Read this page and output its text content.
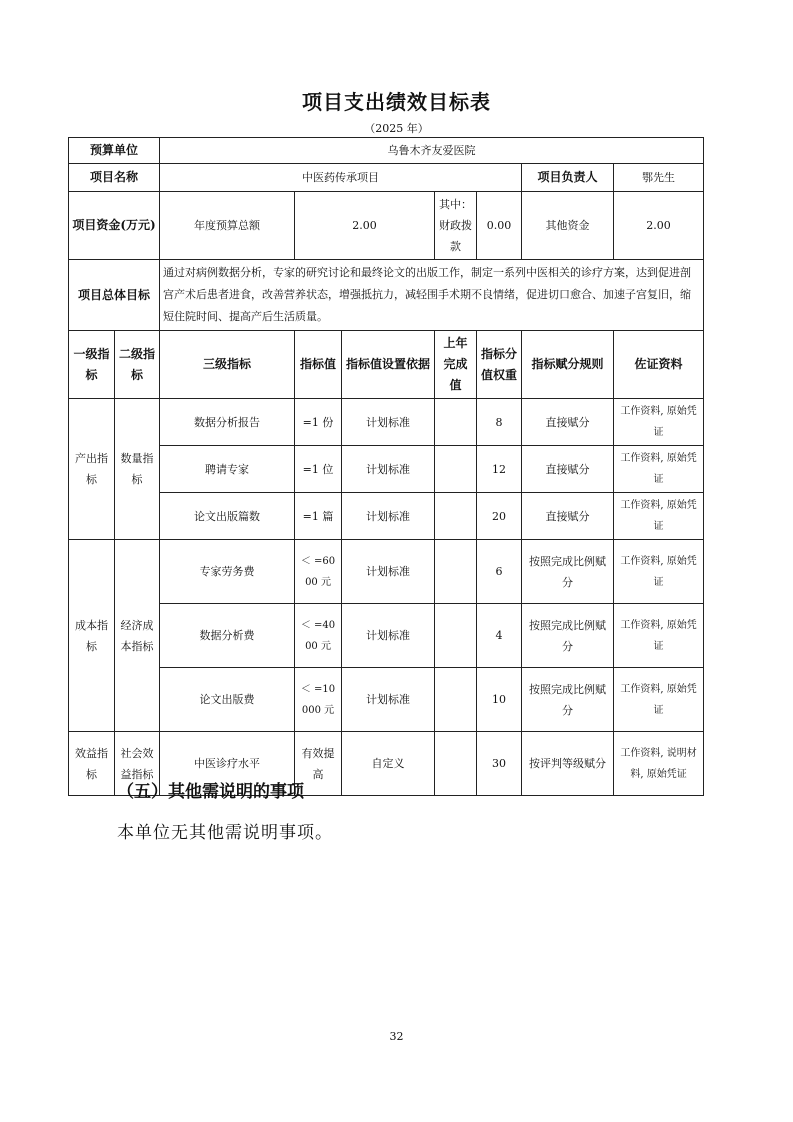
项目支出绩效目标表
（2025 年）
预算单位		乌鲁木齐友爱医院						
项目名称		中医药传承项目					项目负责人	鄂先生
项目资金(万元)		年度预算总额	2.00		其中：财政拨款	0.00	其他资金	2.00
项目总体目标		通过对病例数据分析，专家的研究讨论和最终论文的出版工作，制定一系列中医相关的诊疗方案，达到促进剖宫产术后患者进食，改善营养状态，增强抵抗力，减轻围手术期不良情绪，促进切口愈合、加速子宫复旧，缩短住院时间、提高产后生活质量。						
一级指标	二级指标	三级指标	指标值	指标值设置依据	上年完成值	指标分值权重	指标赋分规则	佐证资料
产出指标	数量指标	数据分析报告	=1 份	计划标准		8	直接赋分	工作资料, 原始凭证
		聘请专家	=1 位	计划标准		12	直接赋分	工作资料, 原始凭证
		论文出版篇数	=1 篇	计划标准		20	直接赋分	工作资料, 原始凭证
成本指标	经济成本指标	专家劳务费	＜ =6000 元	计划标准		6	按照完成比例赋分	工作资料, 原始凭证
		数据分析费	＜ =4000 元	计划标准		4	按照完成比例赋分	工作资料, 原始凭证
		论文出版费	＜ =10000 元	计划标准		10	按照完成比例赋分	工作资料, 原始凭证
效益指标	社会效益指标	中医诊疗水平	有效提高	自定义		30	按评判等级赋分	工作资料, 说明材料, 原始凭证
（五）其他需说明的事项
本单位无其他需说明事项。
32
